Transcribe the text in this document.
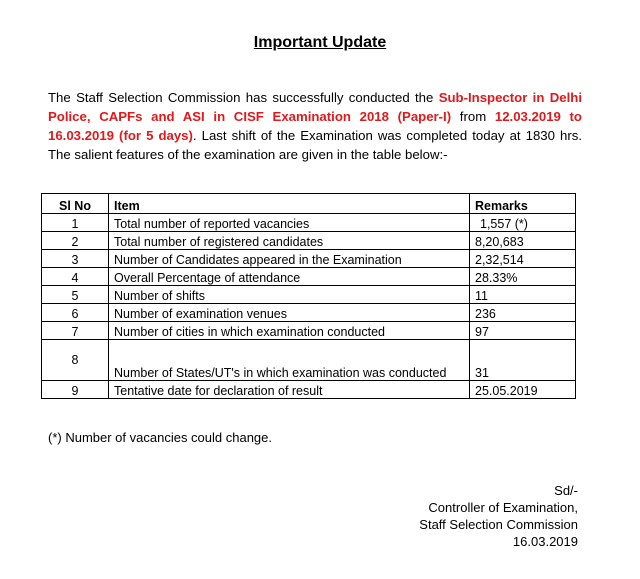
Important Update
The Staff Selection Commission has successfully conducted the Sub-Inspector in Delhi Police, CAPFs and ASI in CISF Examination 2018 (Paper-I) from 12.03.2019 to 16.03.2019 (for 5 days). Last shift of the Examination was completed today at 1830 hrs. The salient features of the examination are given in the table below:-
Sl No	Item	Remarks
1	Total number of reported vacancies	1,557 (*)
2	Total number of registered candidates	8,20,683
3	Number of Candidates appeared in the Examination	2,32,514
4	Overall Percentage of attendance	28.33%
5	Number of shifts	11
6	Number of examination venues	236
7	Number of cities in which examination conducted	97
8	Number of States/UT's in which examination was conducted	31
9	Tentative date for declaration of result	25.05.2019
(*) Number of vacancies could change.
Sd/-
Controller of Examination,
Staff Selection Commission
16.03.2019
